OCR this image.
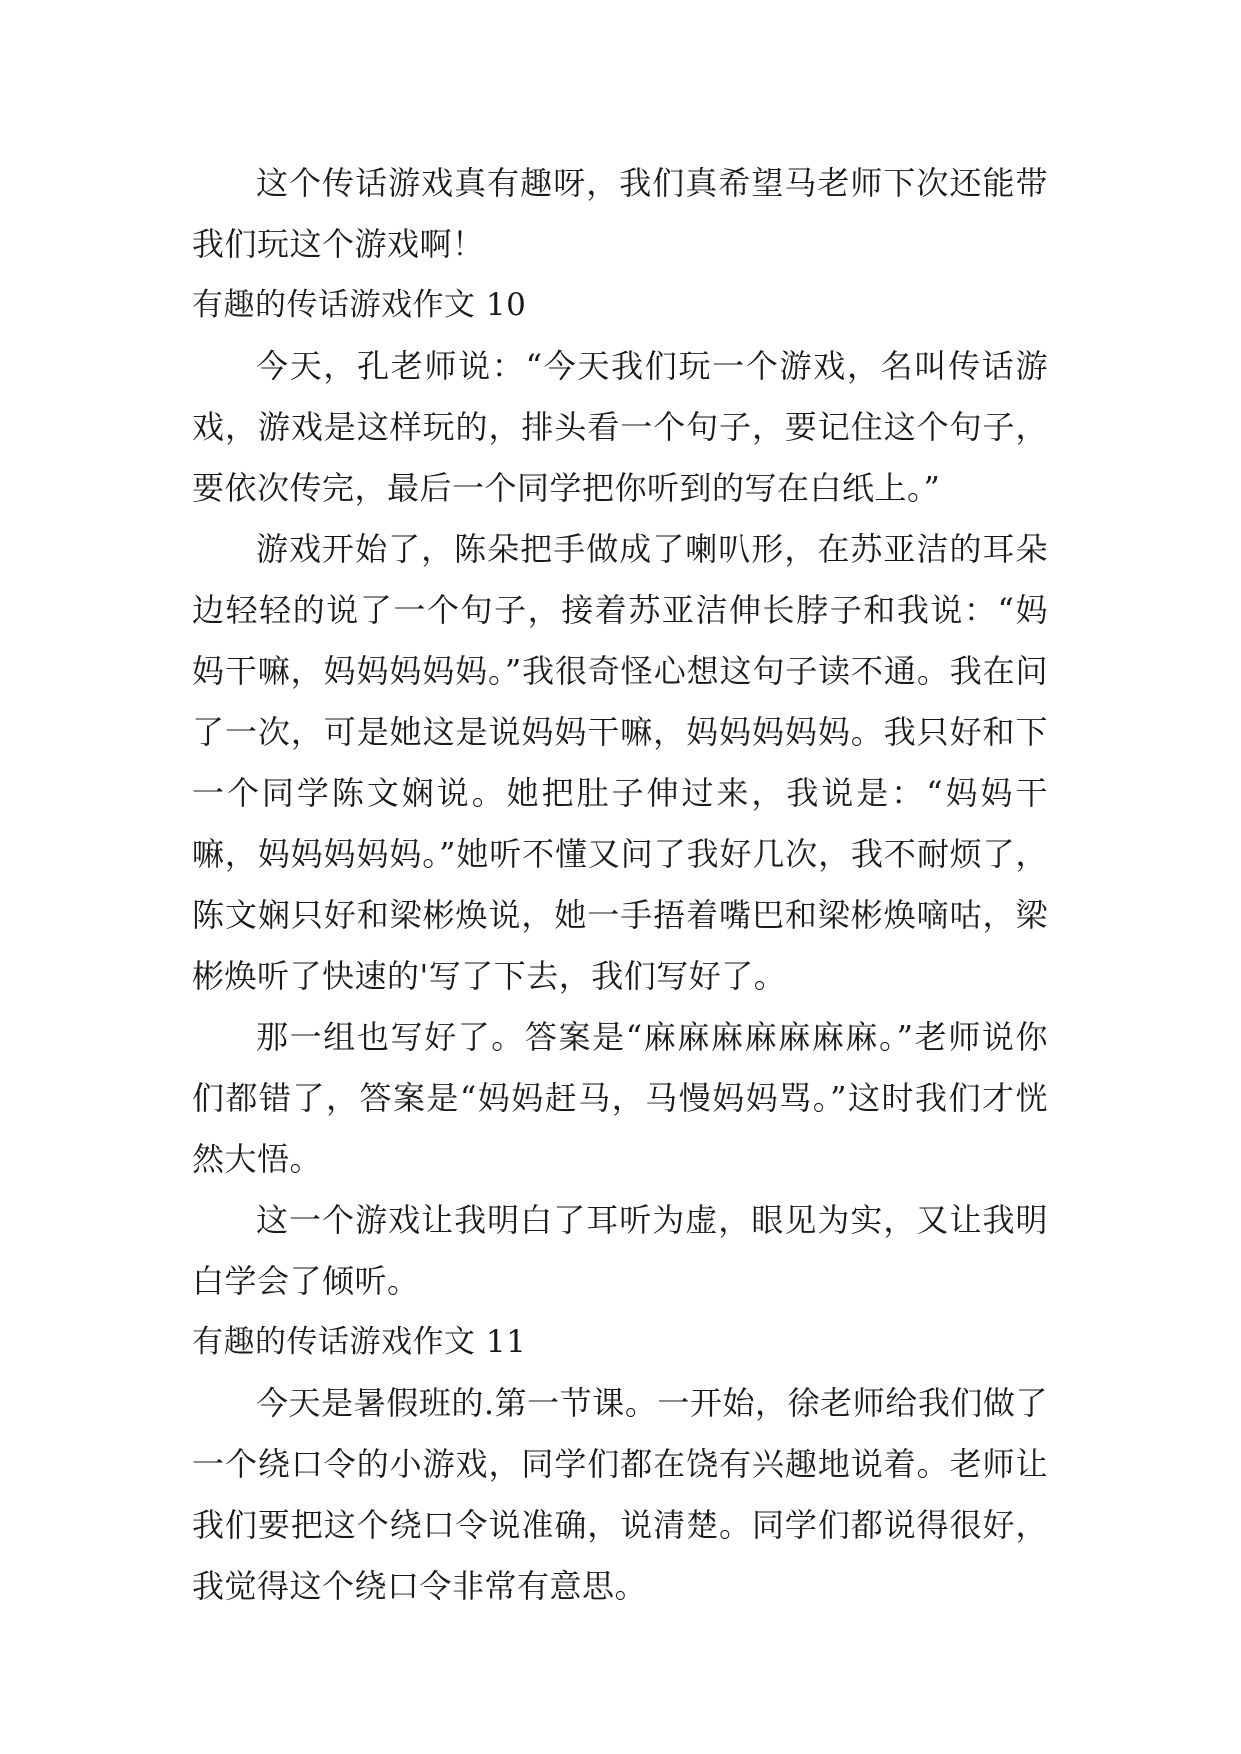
这个传话游戏真有趣呀，我们真希望马老师下次还能带我们玩这个游戏啊！

有趣的传话游戏作文 10

今天，孔老师说：“今天我们玩一个游戏，名叫传话游戏，游戏是这样玩的，排头看一个句子，要记住这个句子，要依次传完，最后一个同学把你听到的写在白纸上。”

游戏开始了，陈朵把手做成了喇叭形，在苏亚洁的耳朵边轻轻的说了一个句子，接着苏亚洁伸长脖子和我说：“妈妈干嘛，妈妈妈妈妈。”我很奇怪心想这句子读不通。我在问了一次，可是她这是说妈妈干嘛，妈妈妈妈妈。我只好和下一个同学陈文娴说。她把肚子伸过来，我说是：“妈妈干嘛，妈妈妈妈妈。”她听不懂又问了我好几次，我不耐烦了，陈文娴只好和梁彬焕说，她一手捂着嘴巴和梁彬焕嘀咕，梁彬焕听了快速的'写了下去，我们写好了。

那一组也写好了。答案是“麻麻麻麻麻麻麻。”老师说你们都错了，答案是“妈妈赶马，马慢妈妈骂。”这时我们才恍然大悟。

这一个游戏让我明白了耳听为虚，眼见为实，又让我明白学会了倾听。

有趣的传话游戏作文 11

今天是暑假班的.第一节课。一开始，徐老师给我们做了一个绕口令的小游戏，同学们都在饶有兴趣地说着。老师让我们要把这个绕口令说准确，说清楚。同学们都说得很好，我觉得这个绕口令非常有意思。
